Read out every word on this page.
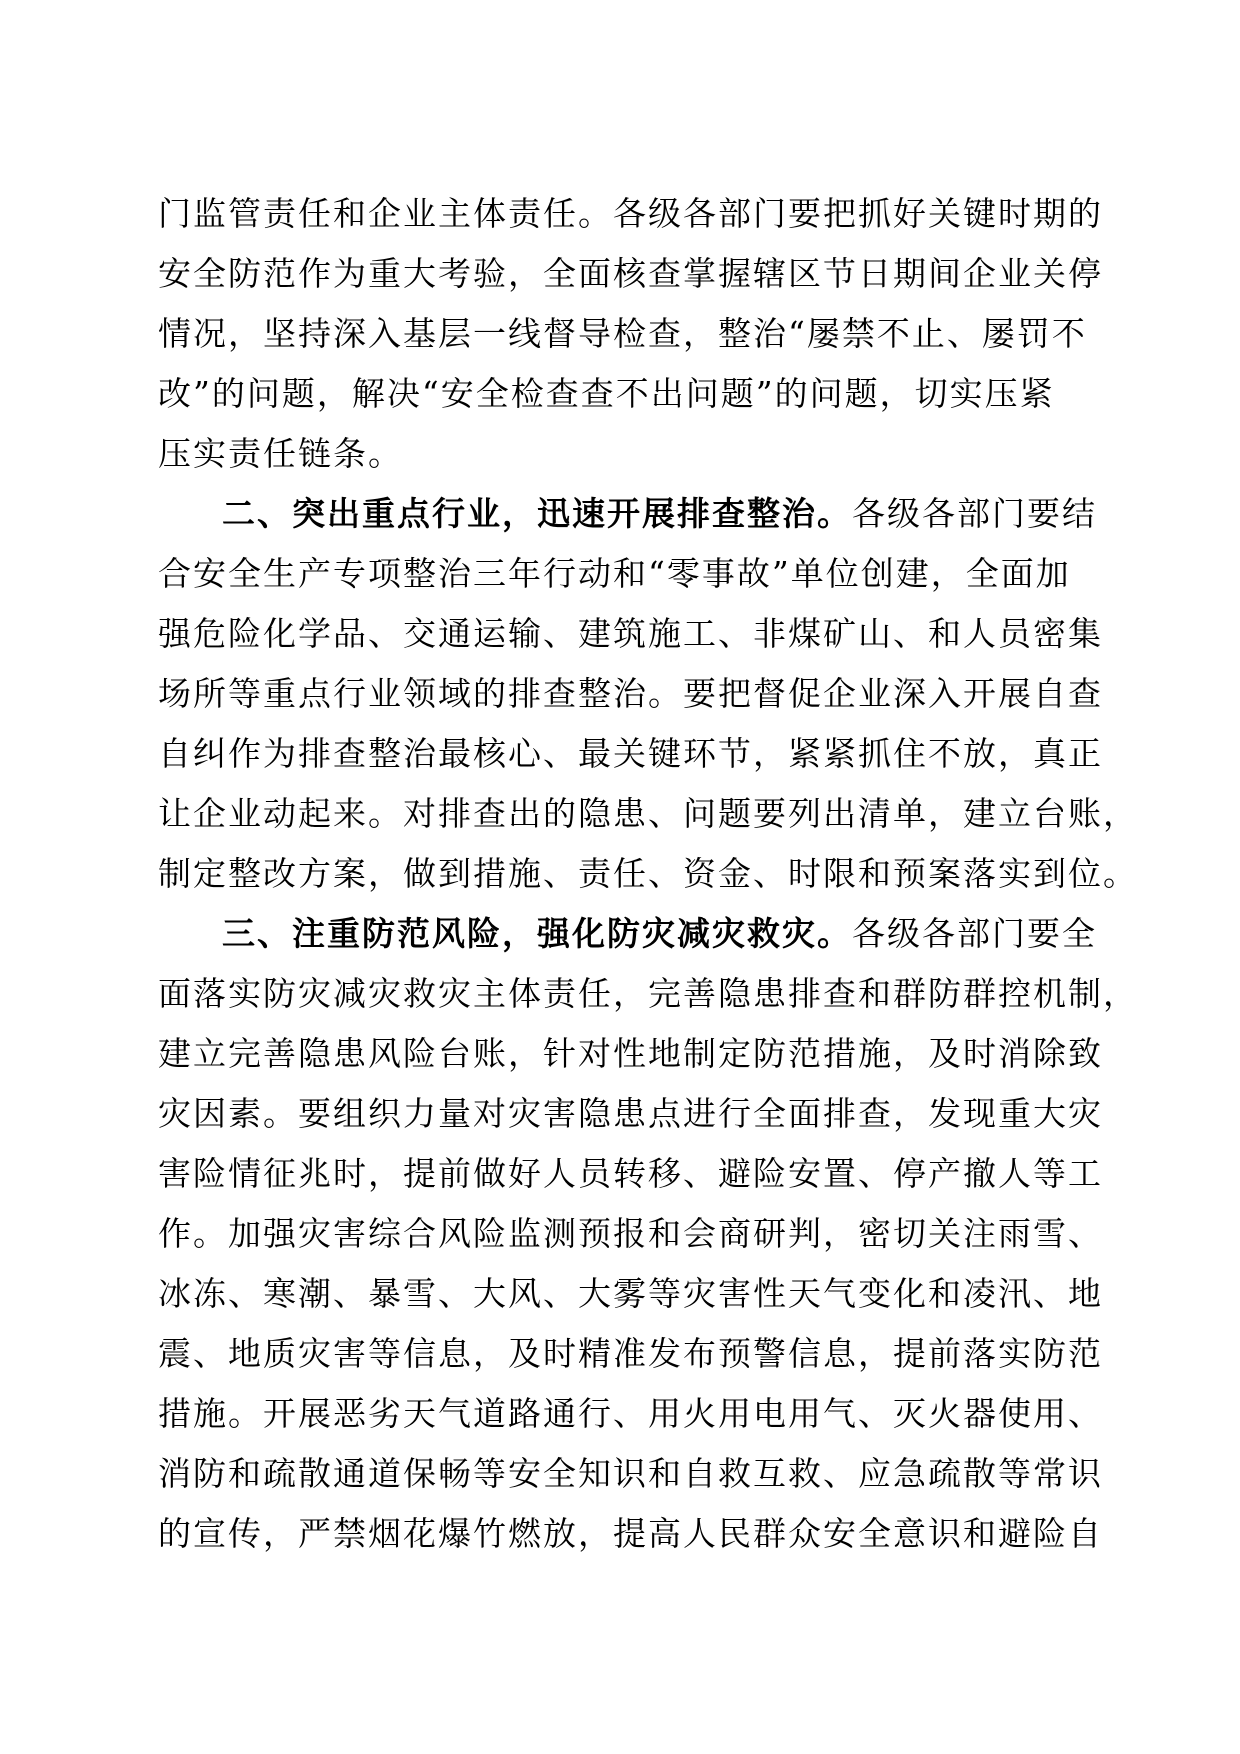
门监管责任和企业主体责任。各级各部门要把抓好关键时期的
安全防范作为重大考验，全面核查掌握辖区节日期间企业关停
情况，坚持深入基层一线督导检查，整治“屡禁不止、屡罚不
改”的问题，解决“安全检查查不出问题”的问题，切实压紧
压实责任链条。
二、突出重点行业，迅速开展排查整治。各级各部门要结
合安全生产专项整治三年行动和“零事故”单位创建，全面加
强危险化学品、交通运输、建筑施工、非煤矿山、和人员密集
场所等重点行业领域的排查整治。要把督促企业深入开展自查
自纠作为排查整治最核心、最关键环节，紧紧抓住不放，真正
让企业动起来。对排查出的隐患、问题要列出清单，建立台账，
制定整改方案，做到措施、责任、资金、时限和预案落实到位。
三、注重防范风险，强化防灾减灾救灾。各级各部门要全
面落实防灾减灾救灾主体责任，完善隐患排查和群防群控机制，
建立完善隐患风险台账，针对性地制定防范措施，及时消除致
灾因素。要组织力量对灾害隐患点进行全面排查，发现重大灾
害险情征兆时，提前做好人员转移、避险安置、停产撤人等工
作。加强灾害综合风险监测预报和会商研判，密切关注雨雪、
冰冻、寒潮、暴雪、大风、大雾等灾害性天气变化和凌汛、地
震、地质灾害等信息，及时精准发布预警信息，提前落实防范
措施。开展恶劣天气道路通行、用火用电用气、灭火器使用、
消防和疏散通道保畅等安全知识和自救互救、应急疏散等常识
的宣传，严禁烟花爆竹燃放，提高人民群众安全意识和避险自
